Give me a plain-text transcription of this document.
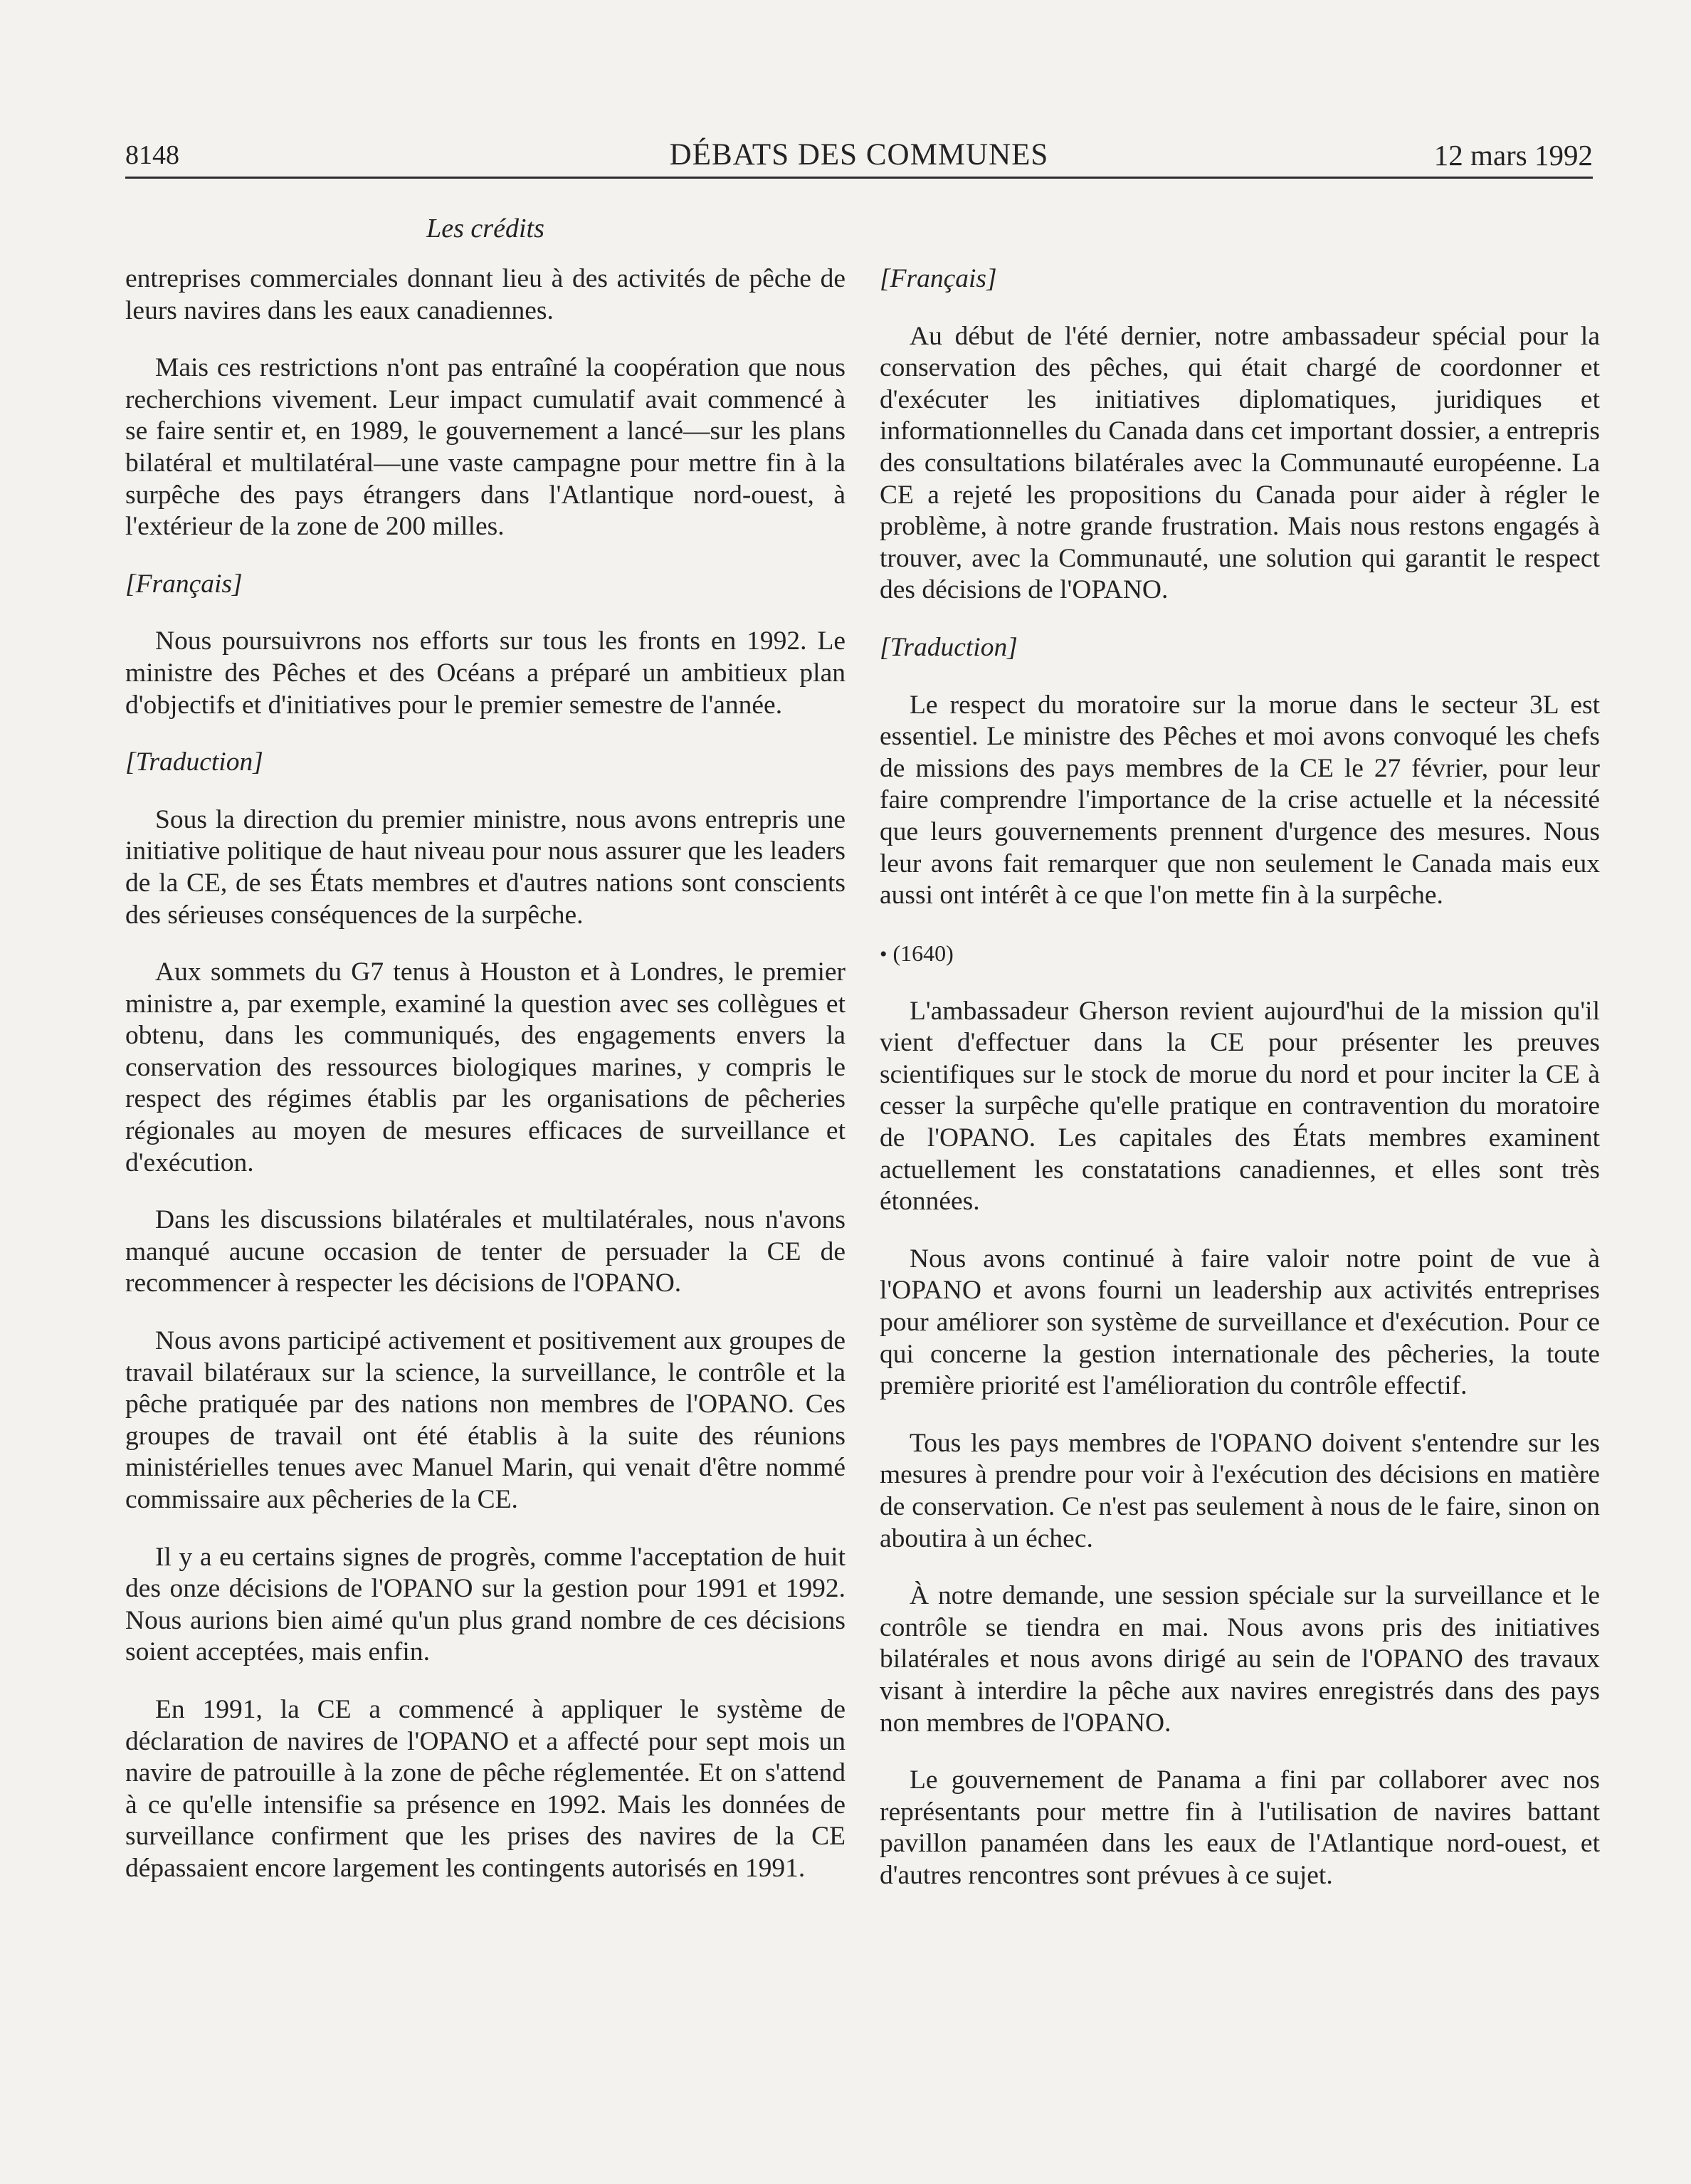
8148	DÉBATS DES COMMUNES	12 mars 1992
Les crédits

entreprises commerciales donnant lieu à des activités de pêche de leurs navires dans les eaux canadiennes.

Mais ces restrictions n'ont pas entraîné la coopération que nous recherchions vivement. Leur impact cumulatif avait commencé à se faire sentir et, en 1989, le gouvernement a lancé—sur les plans bilatéral et multilatéral—une vaste campagne pour mettre fin à la surpêche des pays étrangers dans l'Atlantique nord-ouest, à l'extérieur de la zone de 200 milles.

[Français]

Nous poursuivrons nos efforts sur tous les fronts en 1992. Le ministre des Pêches et des Océans a préparé un ambitieux plan d'objectifs et d'initiatives pour le premier semestre de l'année.

[Traduction]

Sous la direction du premier ministre, nous avons entrepris une initiative politique de haut niveau pour nous assurer que les leaders de la CE, de ses États membres et d'autres nations sont conscients des sérieuses conséquences de la surpêche.

Aux sommets du G7 tenus à Houston et à Londres, le premier ministre a, par exemple, examiné la question avec ses collègues et obtenu, dans les communiqués, des engagements envers la conservation des ressources biologiques marines, y compris le respect des régimes établis par les organisations de pêcheries régionales au moyen de mesures efficaces de surveillance et d'exécution.

Dans les discussions bilatérales et multilatérales, nous n'avons manqué aucune occasion de tenter de persuader la CE de recommencer à respecter les décisions de l'OPANO.

Nous avons participé activement et positivement aux groupes de travail bilatéraux sur la science, la surveillance, le contrôle et la pêche pratiquée par des nations non membres de l'OPANO. Ces groupes de travail ont été établis à la suite des réunions ministérielles tenues avec Manuel Marin, qui venait d'être nommé commissaire aux pêcheries de la CE.

Il y a eu certains signes de progrès, comme l'acceptation de huit des onze décisions de l'OPANO sur la gestion pour 1991 et 1992. Nous aurions bien aimé qu'un plus grand nombre de ces décisions soient acceptées, mais enfin.

En 1991, la CE a commencé à appliquer le système de déclaration de navires de l'OPANO et a affecté pour sept mois un navire de patrouille à la zone de pêche réglementée. Et on s'attend à ce qu'elle intensifie sa présence en 1992. Mais les données de surveillance confirment que les prises des navires de la CE dépassaient encore largement les contingents autorisés en 1991.

[Français]

Au début de l'été dernier, notre ambassadeur spécial pour la conservation des pêches, qui était chargé de coordonner et d'exécuter les initiatives diplomatiques, juridiques et informationnelles du Canada dans cet important dossier, a entrepris des consultations bilatérales avec la Communauté européenne. La CE a rejeté les propositions du Canada pour aider à régler le problème, à notre grande frustration. Mais nous restons engagés à trouver, avec la Communauté, une solution qui garantit le respect des décisions de l'OPANO.

[Traduction]

Le respect du moratoire sur la morue dans le secteur 3L est essentiel. Le ministre des Pêches et moi avons convoqué les chefs de missions des pays membres de la CE le 27 février, pour leur faire comprendre l'importance de la crise actuelle et la nécessité que leurs gouvernements prennent d'urgence des mesures. Nous leur avons fait remarquer que non seulement le Canada mais eux aussi ont intérêt à ce que l'on mette fin à la surpêche.

• (1640)

L'ambassadeur Gherson revient aujourd'hui de la mission qu'il vient d'effectuer dans la CE pour présenter les preuves scientifiques sur le stock de morue du nord et pour inciter la CE à cesser la surpêche qu'elle pratique en contravention du moratoire de l'OPANO. Les capitales des États membres examinent actuellement les constatations canadiennes, et elles sont très étonnées.

Nous avons continué à faire valoir notre point de vue à l'OPANO et avons fourni un leadership aux activités entreprises pour améliorer son système de surveillance et d'exécution. Pour ce qui concerne la gestion internationale des pêcheries, la toute première priorité est l'amélioration du contrôle effectif.

Tous les pays membres de l'OPANO doivent s'entendre sur les mesures à prendre pour voir à l'exécution des décisions en matière de conservation. Ce n'est pas seulement à nous de le faire, sinon on aboutira à un échec.

À notre demande, une session spéciale sur la surveillance et le contrôle se tiendra en mai. Nous avons pris des initiatives bilatérales et nous avons dirigé au sein de l'OPANO des travaux visant à interdire la pêche aux navires enregistrés dans des pays non membres de l'OPANO.

Le gouvernement de Panama a fini par collaborer avec nos représentants pour mettre fin à l'utilisation de navires battant pavillon panaméen dans les eaux de l'Atlantique nord-ouest, et d'autres rencontres sont prévues à ce sujet.
